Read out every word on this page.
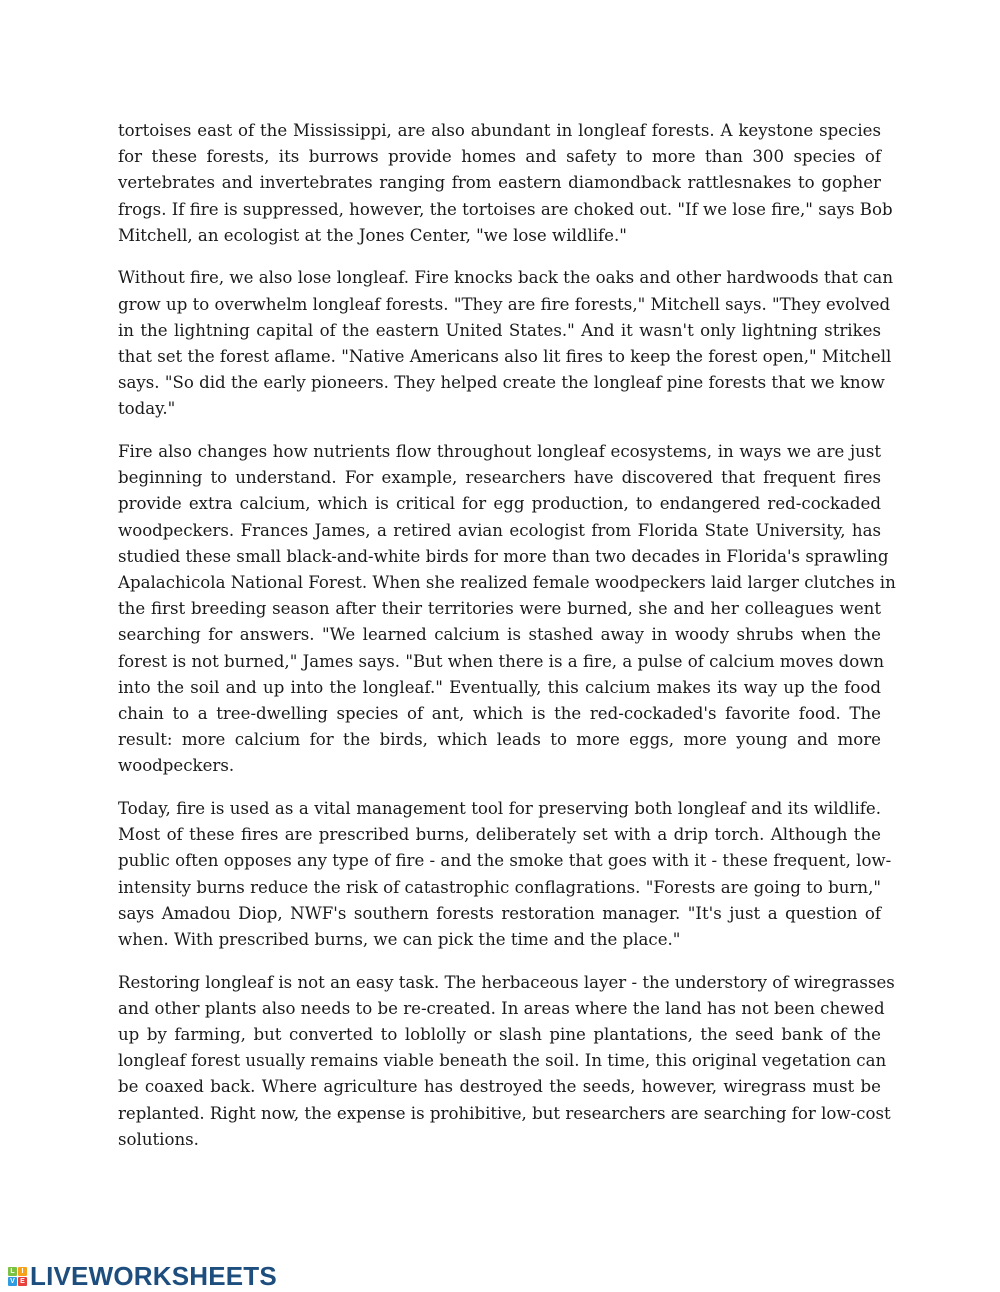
tortoises east of the Mississippi, are also abundant in longleaf forests. A keystone species
for these forests, its burrows provide homes and safety to more than 300 species of
vertebrates and invertebrates ranging from eastern diamondback rattlesnakes to gopher
frogs. If fire is suppressed, however, the tortoises are choked out. "If we lose fire," says Bob
Mitchell, an ecologist at the Jones Center, "we lose wildlife."
Without fire, we also lose longleaf. Fire knocks back the oaks and other hardwoods that can
grow up to overwhelm longleaf forests. "They are fire forests," Mitchell says. "They evolved
in the lightning capital of the eastern United States." And it wasn't only lightning strikes
that set the forest aflame. "Native Americans also lit fires to keep the forest open," Mitchell
says. "So did the early pioneers. They helped create the longleaf pine forests that we know
today."
Fire also changes how nutrients flow throughout longleaf ecosystems, in ways we are just
beginning to understand. For example, researchers have discovered that frequent fires
provide extra calcium, which is critical for egg production, to endangered red-cockaded
woodpeckers. Frances James, a retired avian ecologist from Florida State University, has
studied these small black-and-white birds for more than two decades in Florida's sprawling
Apalachicola National Forest. When she realized female woodpeckers laid larger clutches in
the first breeding season after their territories were burned, she and her colleagues went
searching for answers. "We learned calcium is stashed away in woody shrubs when the
forest is not burned," James says. "But when there is a fire, a pulse of calcium moves down
into the soil and up into the longleaf." Eventually, this calcium makes its way up the food
chain to a tree-dwelling species of ant, which is the red-cockaded's favorite food. The
result: more calcium for the birds, which leads to more eggs, more young and more
woodpeckers.
Today, fire is used as a vital management tool for preserving both longleaf and its wildlife.
Most of these fires are prescribed burns, deliberately set with a drip torch. Although the
public often opposes any type of fire - and the smoke that goes with it - these frequent, low-
intensity burns reduce the risk of catastrophic conflagrations. "Forests are going to burn,"
says Amadou Diop, NWF's southern forests restoration manager. "It's just a question of
when. With prescribed burns, we can pick the time and the place."
Restoring longleaf is not an easy task. The herbaceous layer - the understory of wiregrasses
and other plants also needs to be re-created. In areas where the land has not been chewed
up by farming, but converted to loblolly or slash pine plantations, the seed bank of the
longleaf forest usually remains viable beneath the soil. In time, this original vegetation can
be coaxed back. Where agriculture has destroyed the seeds, however, wiregrass must be
replanted. Right now, the expense is prohibitive, but researchers are searching for low-cost
solutions.
L I
V E LIVEWORKSHEETS
